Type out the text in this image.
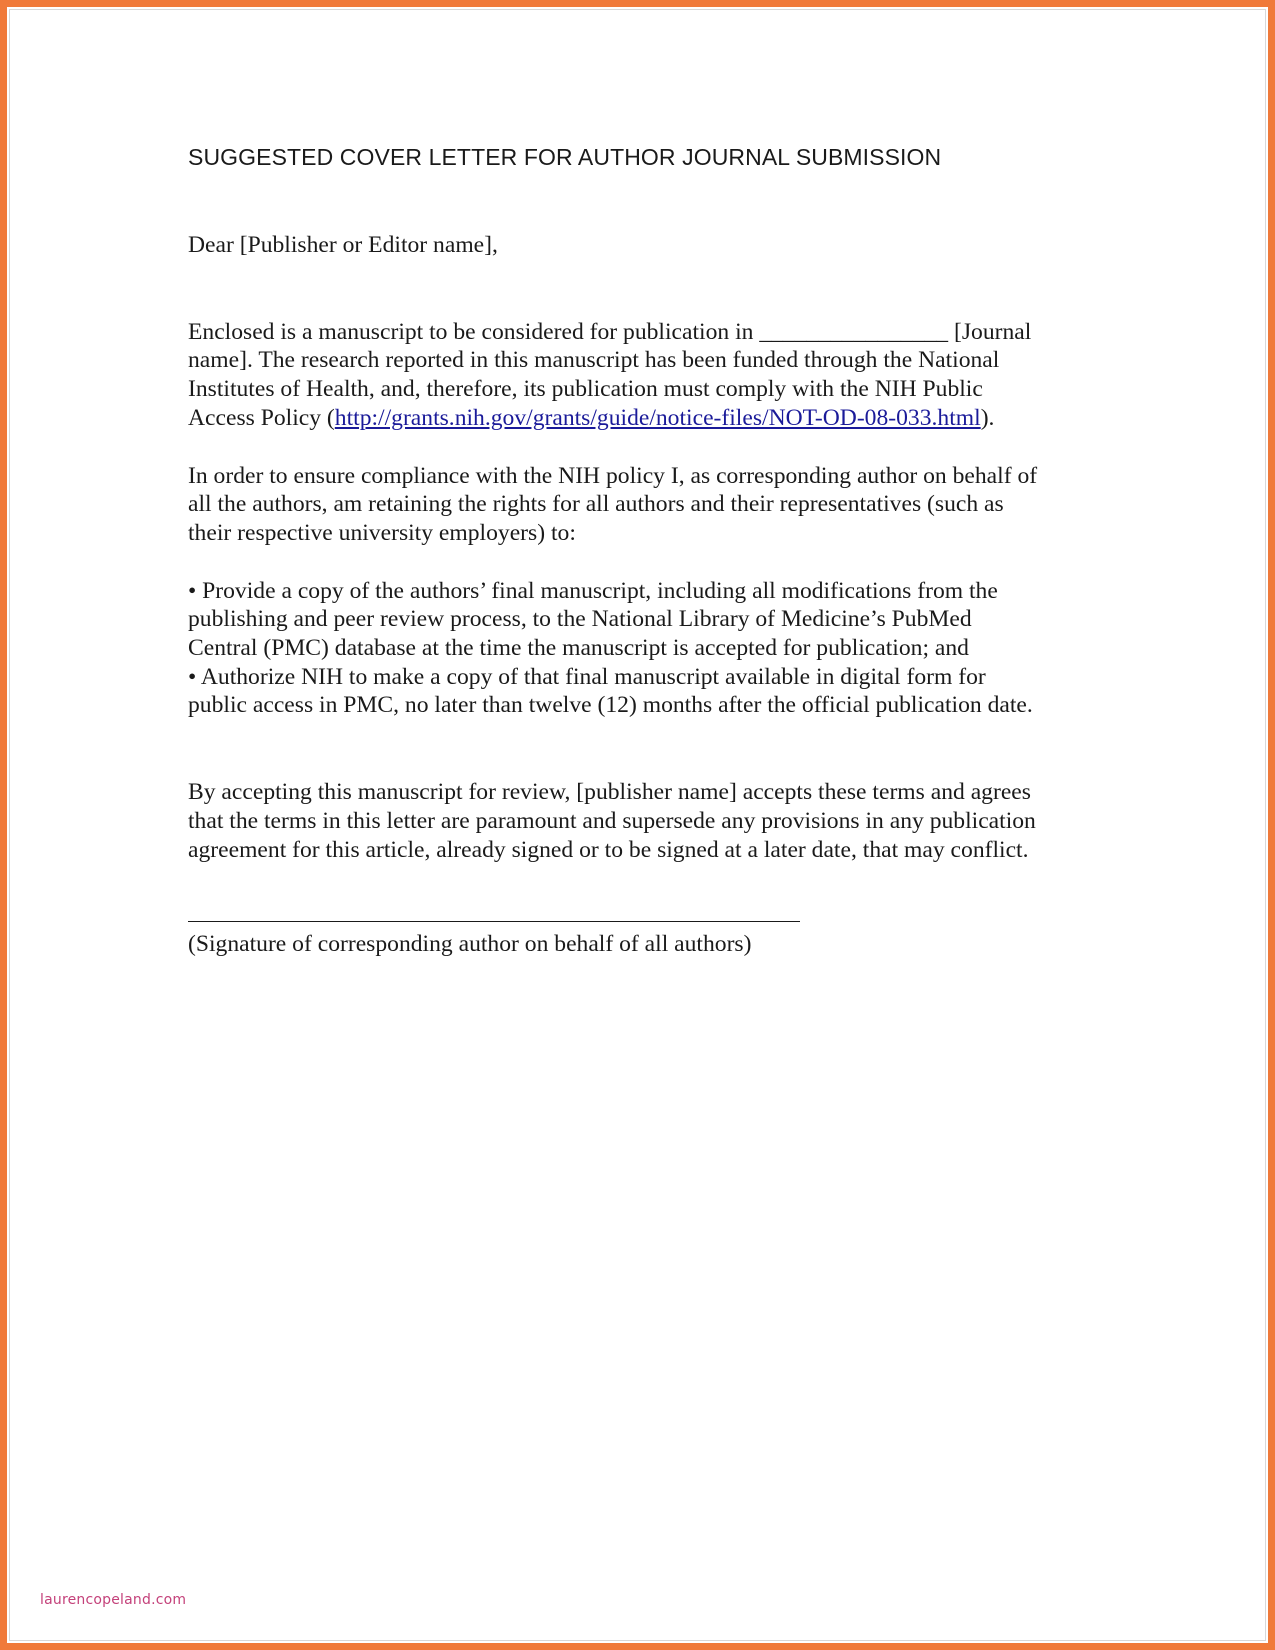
SUGGESTED COVER LETTER FOR AUTHOR JOURNAL SUBMISSION
Dear [Publisher or Editor name],
Enclosed is a manuscript to be considered for publication in ________________ [Journal
name]. The research reported in this manuscript has been funded through the National
Institutes of Health, and, therefore, its publication must comply with the NIH Public
Access Policy (http://grants.nih.gov/grants/guide/notice-files/NOT-OD-08-033.html).
In order to ensure compliance with the NIH policy I, as corresponding author on behalf of
all the authors, am retaining the rights for all authors and their representatives (such as
their respective university employers) to:
• Provide a copy of the authors’ final manuscript, including all modifications from the
publishing and peer review process, to the National Library of Medicine’s PubMed
Central (PMC) database at the time the manuscript is accepted for publication; and
• Authorize NIH to make a copy of that final manuscript available in digital form for
public access in PMC, no later than twelve (12) months after the official publication date.
By accepting this manuscript for review, [publisher name] accepts these terms and agrees
that the terms in this letter are paramount and supersede any provisions in any publication
agreement for this article, already signed or to be signed at a later date, that may conflict.
(Signature of corresponding author on behalf of all authors)
laurencopeland.com
